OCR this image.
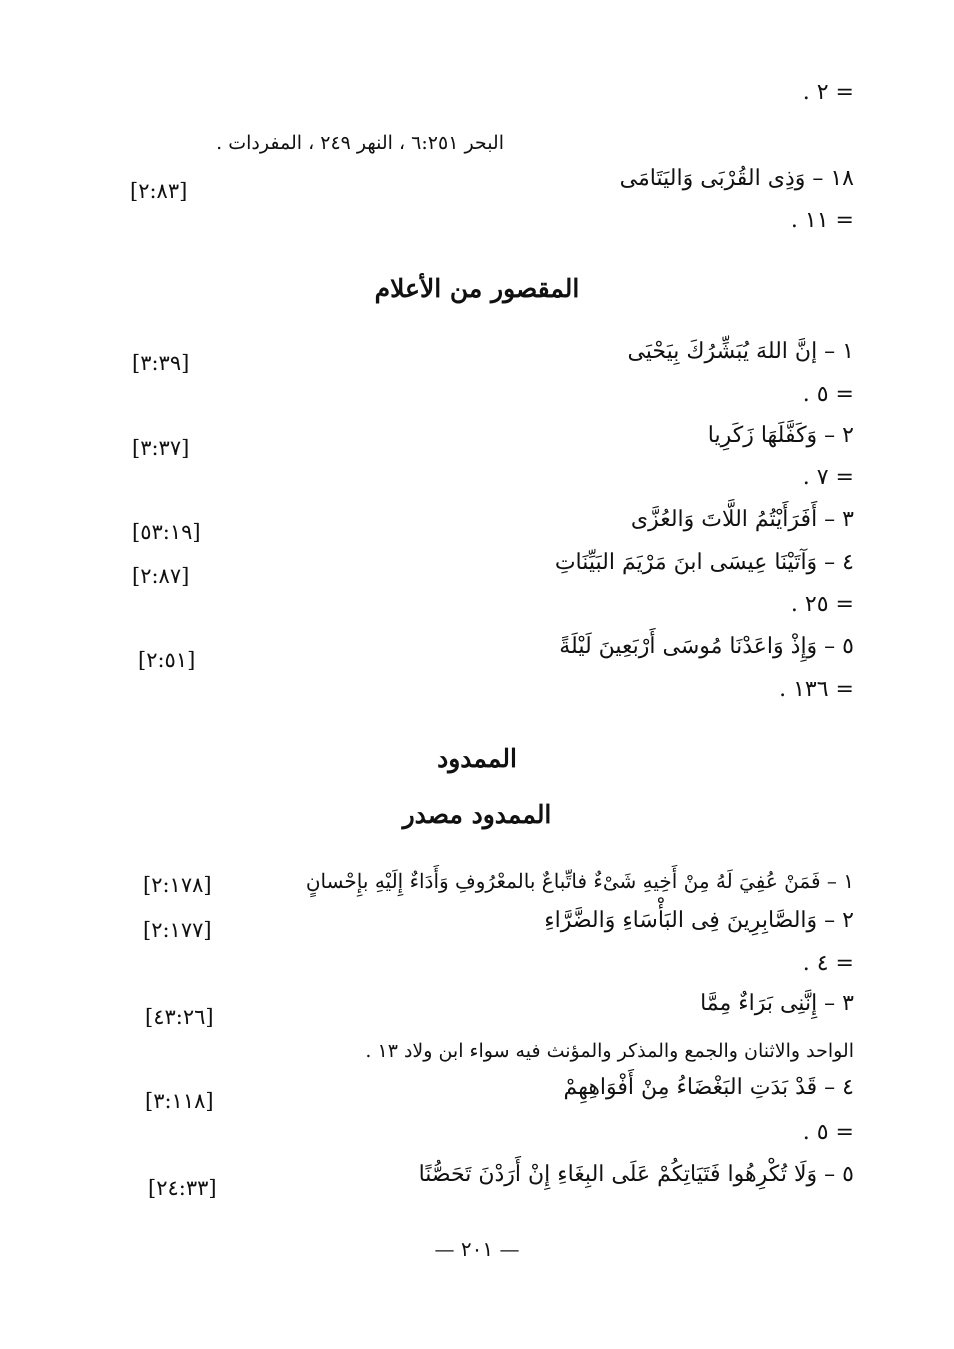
= ٢ .
البحر ٦:٢٥١ ، النهر ٢٤٩ ، المفردات .
١٨ – وَذِى القُرْبَى وَاليَتَامَى
[٢:٨٣]
= ١١ .
المقصور من الأعلام
١ – إنَّ اللهَ يُبَشِّرُكَ بِيَحْيَى
[٣:٣٩]
= ٥ .
٢ – وَكَفَّلَهَا زَكَرِيا
[٣:٣٧]
= ٧ .
٣ – أَفَرَأَيْتُمُ اللَّاتَ وَالعُزَّى
[٥٣:١٩]
٤ – وَآتَيْنَا عِيسَى ابنَ مَرْيَمَ البَيِّنَاتِ
[٢:٨٧]
= ٢٥ .
٥ – وَإِذْ وَاعَدْنَا مُوسَى أَرْبَعِينَ لَيْلَةً
[٢:٥١]
= ١٣٦ .
الممدود
الممدود مصدر
١ – فَمَنْ عُفِيَ لَهُ مِنْ أَخِيهِ شَىْءٌ فاتِّباعٌ بالمعْرُوفِ وَأَدَاءٌ إِلَيْهِ بإِحْسانٍ
[٢:١٧٨]
٢ – وَالصَّابِرِينَ فِى البَأْسَاءِ وَالضَّرَّاءِ
[٢:١٧٧]
= ٤ .
٣ – إِنَّنِى بَرَاءٌ مِمَّا
[٤٣:٢٦]
الواحد والاثنان والجمع والمذكر والمؤنث فيه سواء ابن ولاد ١٣ .
٤ – قَدْ بَدَتِ البَغْضَاءُ مِنْ أَفْوَاهِهِمْ
[٣:١١٨]
= ٥ .
٥ – وَلَا تُكْرِهُوا فَتَيَاتِكُمْ عَلَى البِغَاءِ إِنْ أَرَدْنَ تَحَصُّنًا
[٢٤:٣٣]
— ٢٠١ —
